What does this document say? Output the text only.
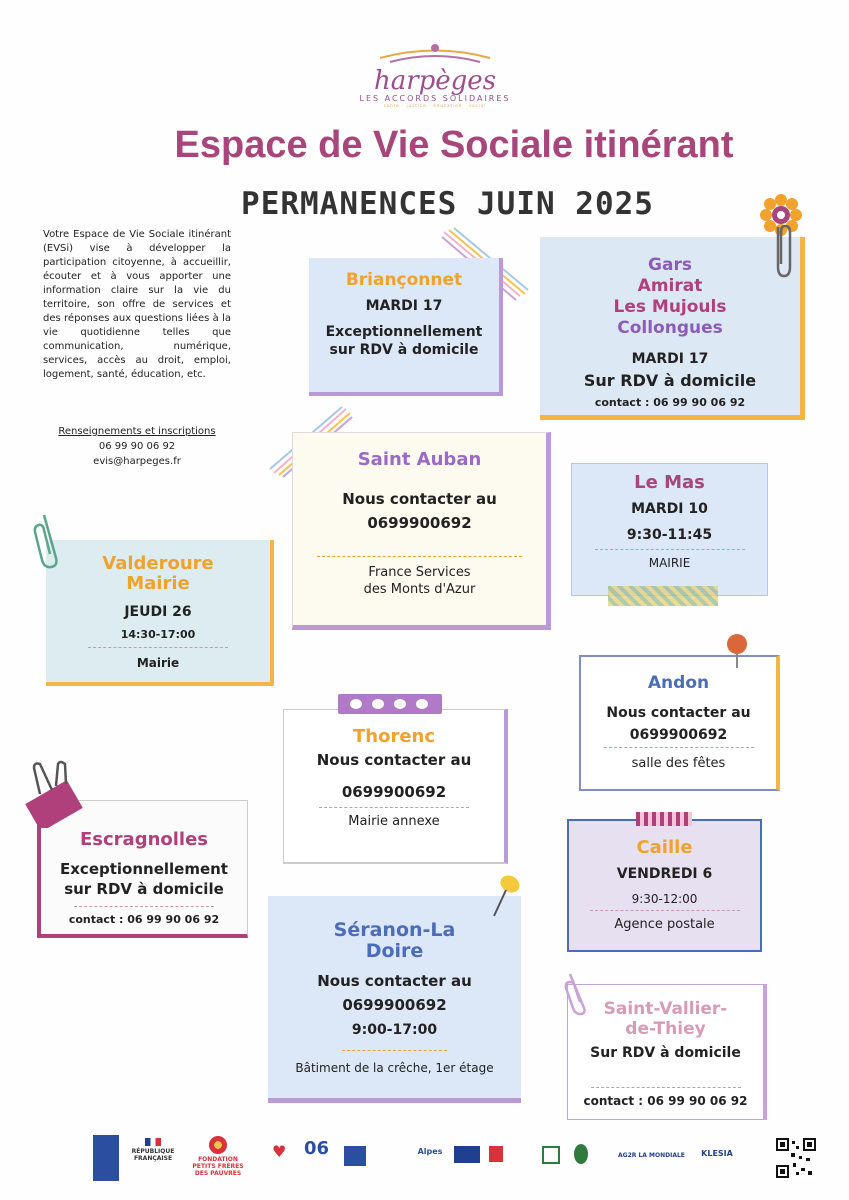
harpèges
LES ACCORDS SOLIDAIRES
santé · justice · éducation · social
Espace de Vie Sociale itinérant
PERMANENCES JUIN 2025
Votre Espace de Vie Sociale itinérant (EVSi) vise à développer la participation citoyenne, à accueillir, écouter et à vous apporter une information claire sur la vie du territoire, son offre de services et des réponses aux questions liées à la vie quotidienne telles que communication, numérique, services, accès au droit, emploi, logement, santé, éducation, etc.
Renseignements et inscriptions
06 99 90 06 92
evis@harpeges.fr
Briançonnet
MARDI 17
Exceptionnellement
sur RDV à domicile
Gars
Amirat
Les Mujouls
Collongues
MARDI 17
Sur RDV à domicile
contact : 06 99 90 06 92
Saint Auban
Nous contacter au
0699900692
France Services
des Monts d'Azur
Le Mas
MARDI 10
9:30-11:45
MAIRIE
Valderoure
Mairie
JEUDI 26
14:30-17:00
Mairie
Andon
Nous contacter au
0699900692
salle des fêtes
Thorenc
Nous contacter au
0699900692
Mairie annexe
Escragnolles
Exceptionnellement
sur RDV à domicile
contact : 06 99 90 06 92
Caille
VENDREDI 6
9:30-12:00
Agence postale
Séranon-La
Doire
Nous contacter au
0699900692
9:00-17:00
Bâtiment de la crêche, 1er étage
Saint-Vallier-
de-Thiey
Sur RDV à domicile
contact : 06 99 90 06 92
RÉPUBLIQUE FRANÇAISE	FONDATION PETITS FRÈRES DES PAUVRES
♥ 06	Alpes	AG2R LA MONDIALE	KLESIA
